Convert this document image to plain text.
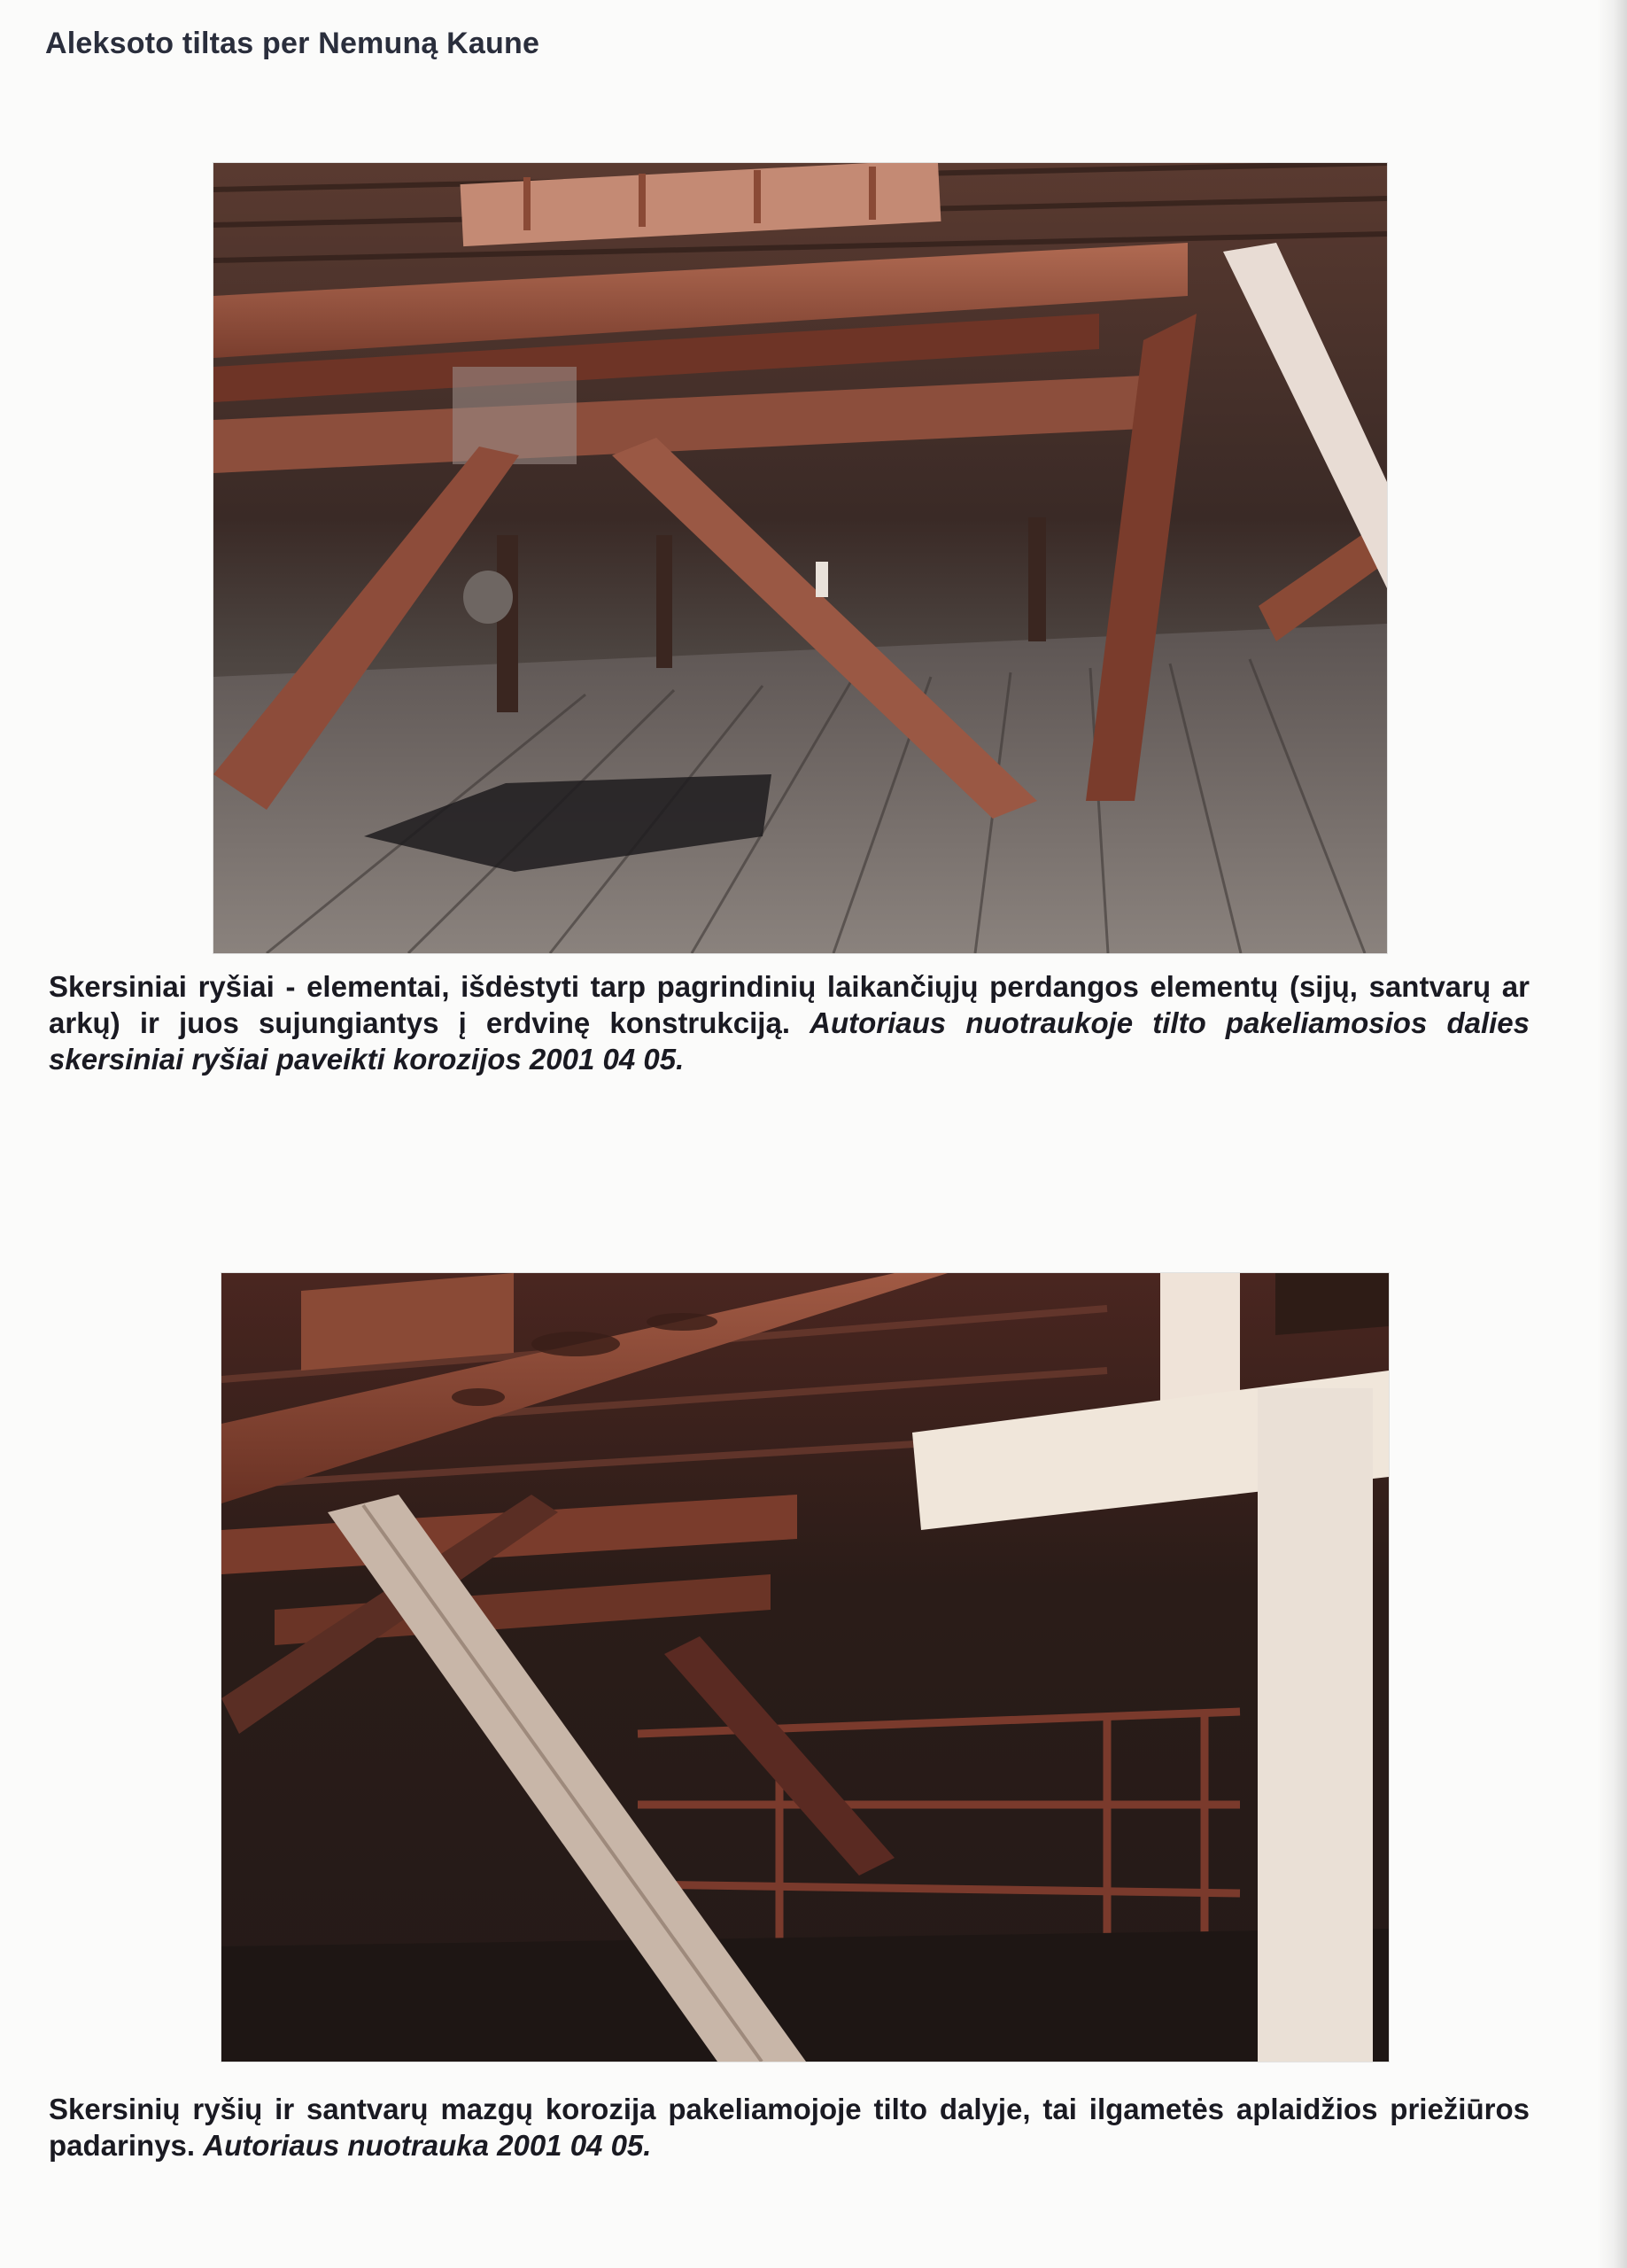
Aleksoto tiltas per Nemuną Kaune
Skersiniai ryšiai - elementai, išdėstyti tarp pagrindinių laikančiųjų perdangos elementų (sijų, santvarų ar arkų) ir juos sujungiantys į erdvinę konstrukciją. Autoriaus nuotraukoje tilto pakeliamosios dalies skersiniai ryšiai paveikti korozijos 2001 04 05.
Skersinių ryšių ir santvarų mazgų korozija pakeliamojoje tilto dalyje, tai ilgametės aplaidžios priežiūros padarinys. Autoriaus nuotrauka 2001 04 05.
